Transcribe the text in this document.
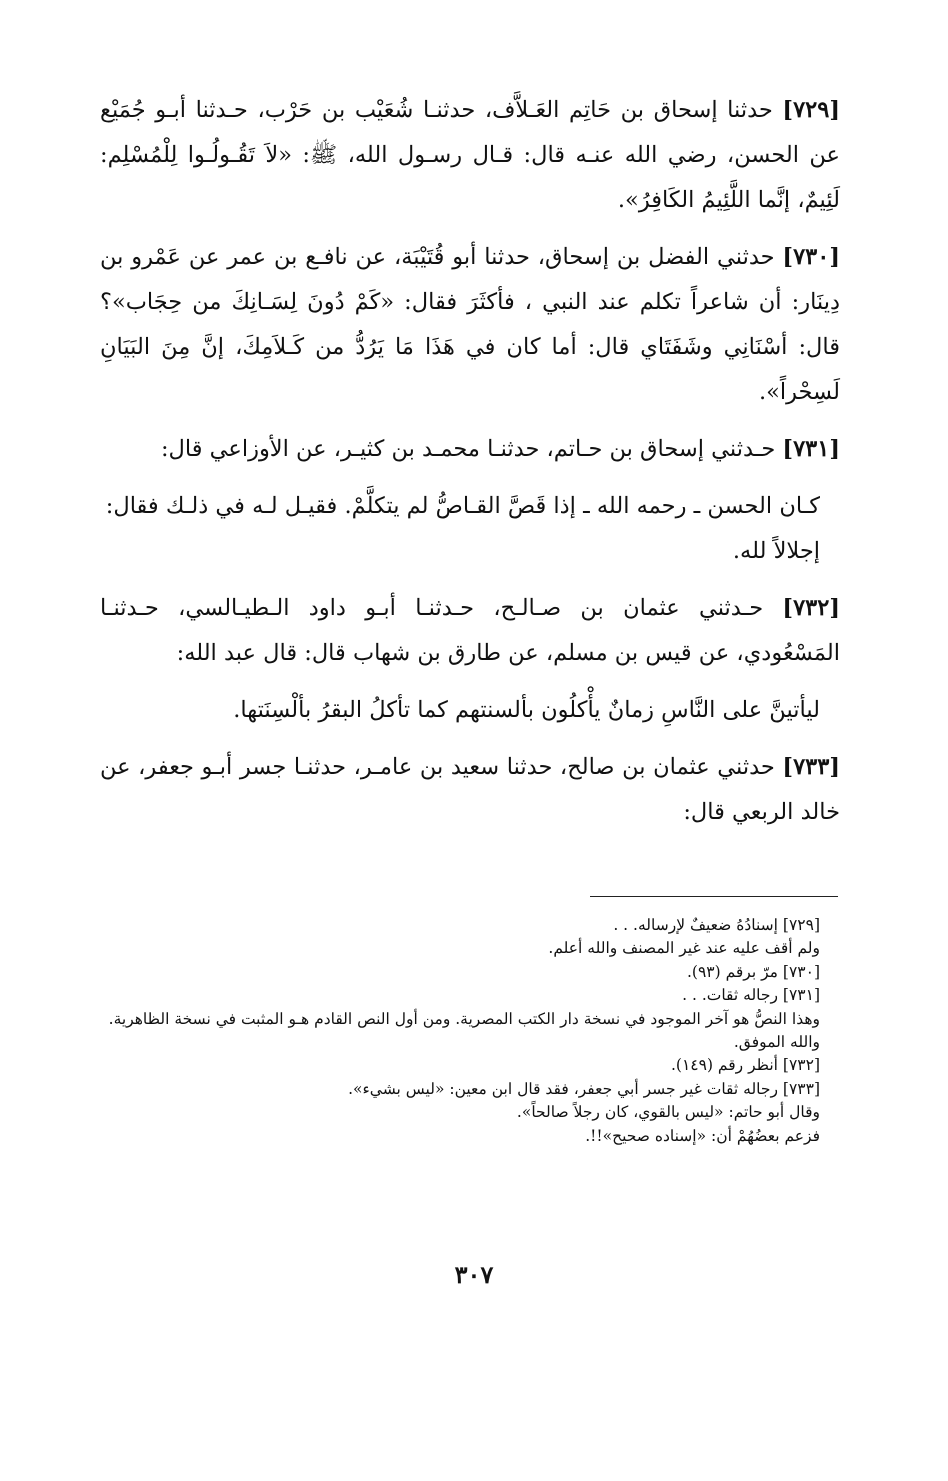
[ ٧٢٩ ] حدثنا إسحاق بن حَاتِم العَـلاَّف، حدثنـا شُعَيْب بن حَرْب، حـدثنا أبـو جُمَيْع عن الحسن، رضي الله عنـه قال: قـال رسـول الله، ﷺ: «لاَ تَقُـولُـوا لِلْمُسْلِم: لَئِيمٌ، إنَّما اللَّئِيمُ الكَافِرُ».

[ ٧٣٠ ] حدثني الفضل بن إسحاق، حدثنا أبو قُتَيْبَة، عن نافـع بن عمر عن عَمْرو بن دِينَار: أن شاعراً تكلم عند النبي ، فأكثَرَ فقال: «كَمْ دُونَ لِسَـانِكَ من حِجَاب»؟ قال: أسْنَانِي وشَفَتَاي قال: أما كان في هَذَا مَا يَرُدُّ من كَـلاَمِكَ، إنَّ مِنَ البَيَانِ لَسِحْراً».

[ ٧٣١ ] حـدثني إسحاق بن حـاتم، حدثنـا محمـد بن كثيـر، عن الأوزاعي قال:

كـان الحسن ـ رحمه الله ـ إذا قَصَّ القـاصُّ لم يتكلَّمْ. فقيـل لـه في ذلـك فقال: إجلالاً لله.

[ ٧٣٢ ] حـدثني عثمان بن صـالـح، حـدثنـا أبـو داود الـطيـالسي، حـدثنـا المَسْعُودي، عن قيس بن مسلم، عن طارق بن شهاب قال: قال عبد الله:

ليأتينَّ على النَّاسِ زمانٌ يأْكلُون بألسنتهم كما تأكلُ البقرُ بألْسِنَتها.

[ ٧٣٣ ] حدثني عثمان بن صالح، حدثنا سعيد بن عامـر، حدثنـا جسر أبـو جعفر، عن خالد الربعي قال:

[ ٧٢٩ ] إسنادُهُ ضعيفٌ لإرساله. . .

ولم أقف عليه عند غير المصنف والله أعلم.

[ ٧٣٠ ] مرّ برقم (٩٣).

[ ٧٣١ ] رجاله ثقات. . .

وهذا النصُّ هو آخر الموجود في نسخة دار الكتب المصرية. ومن أول النص القادم هـو المثبت في نسخة الظاهرية. والله الموفق.

[ ٧٣٢ ] أنظر رقم (١٤٩).

[ ٧٣٣ ] رجاله ثقات غير جسر أبي جعفر، فقد قال ابن معين: «ليس بشيء».

وقال أبو حاتم: «ليس بالقوي، كان رجلاً صالحاً».

فزعم بعضُهُمْ أن: «إسناده صحيح»!!.

٣٠٧
